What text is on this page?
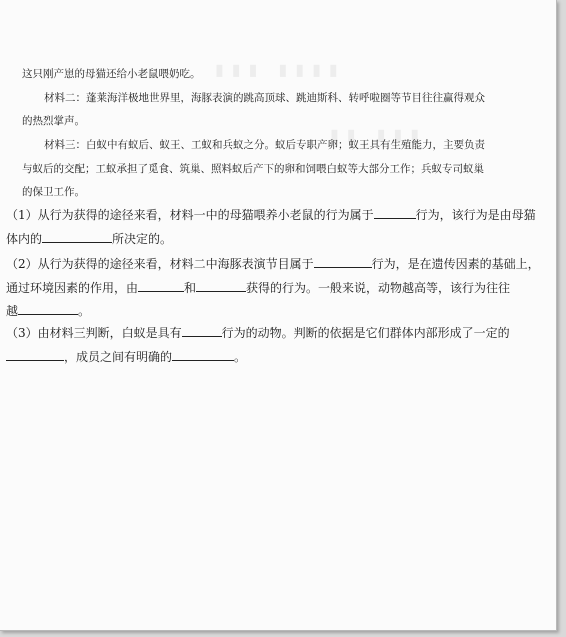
▮▮▮ ▮▮▮▮
▮▮ ▮▮▮
这只刚产崽的母猫还给小老鼠喂奶吃。
材料二：蓬莱海洋极地世界里，海豚表演的跳高顶球、跳迪斯科、转呼啦圈等节目往往赢得观众
的热烈掌声。
材料三：白蚁中有蚁后、蚁王、工蚁和兵蚁之分。蚁后专职产卵；蚁王具有生殖能力，主要负责
与蚁后的交配；工蚁承担了觅食、筑巢、照料蚁后产下的卵和饲喂白蚁等大部分工作；兵蚁专司蚁巢
的保卫工作。
（1）从行为获得的途径来看，材料一中的母猫喂养小老鼠的行为属于	行为，该行为是由母猫
体内的	所决定的。
（2）从行为获得的途径来看，材料二中海豚表演节目属于	行为，是在遗传因素的基础上，
通过环境因素的作用，由	和	获得的行为。一般来说，动物越高等，该行为往往
越	。
（3）由材料三判断，白蚁是具有	行为的动物。判断的依据是它们群体内部形成了一定的
，成员之间有明确的	。
